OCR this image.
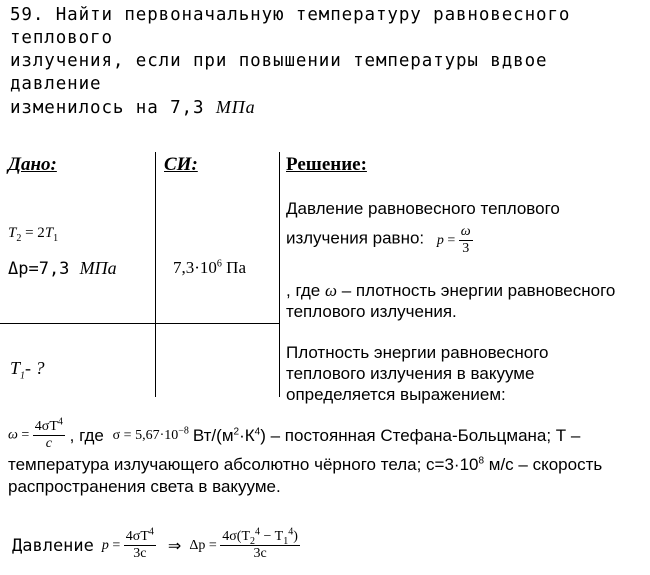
59. Найти первоначальную температуру равновесного теплового
излучения, если при повышении температуры вдвое давление
изменилось на 7,3 МПа
Дано:	СИ:	Решение:
$T_2 = 2T_1$
Δp=7,3 МПа
$T_1-$ ?
$7,3\cdot 10^6$ Па
Давление равновесного теплового
излучения равно: $p = \frac{\omega}{3}$
, где ω – плотность энергии равновесного
теплового излучения.
Плотность энергии равновесного
теплового излучения в вакууме
определяется выражением:
$\omega = \frac{4\sigma T^4}{c}$ , где $\sigma = 5,67\cdot 10^{-8}$ $Вт/(м^2\cdot К^4)$ – постоянная Стефана-Больцмана; Т –
температура излучающего абсолютно чёрного тела; $с=3\cdot 10^8$ м/с – скорость
распространения света в вакууме.
Давление $p = \frac{4\sigma T^4}{3c}$ ⇒ $\Delta p = \frac{4\sigma(T_2^4 - T_1^4)}{3c}$
